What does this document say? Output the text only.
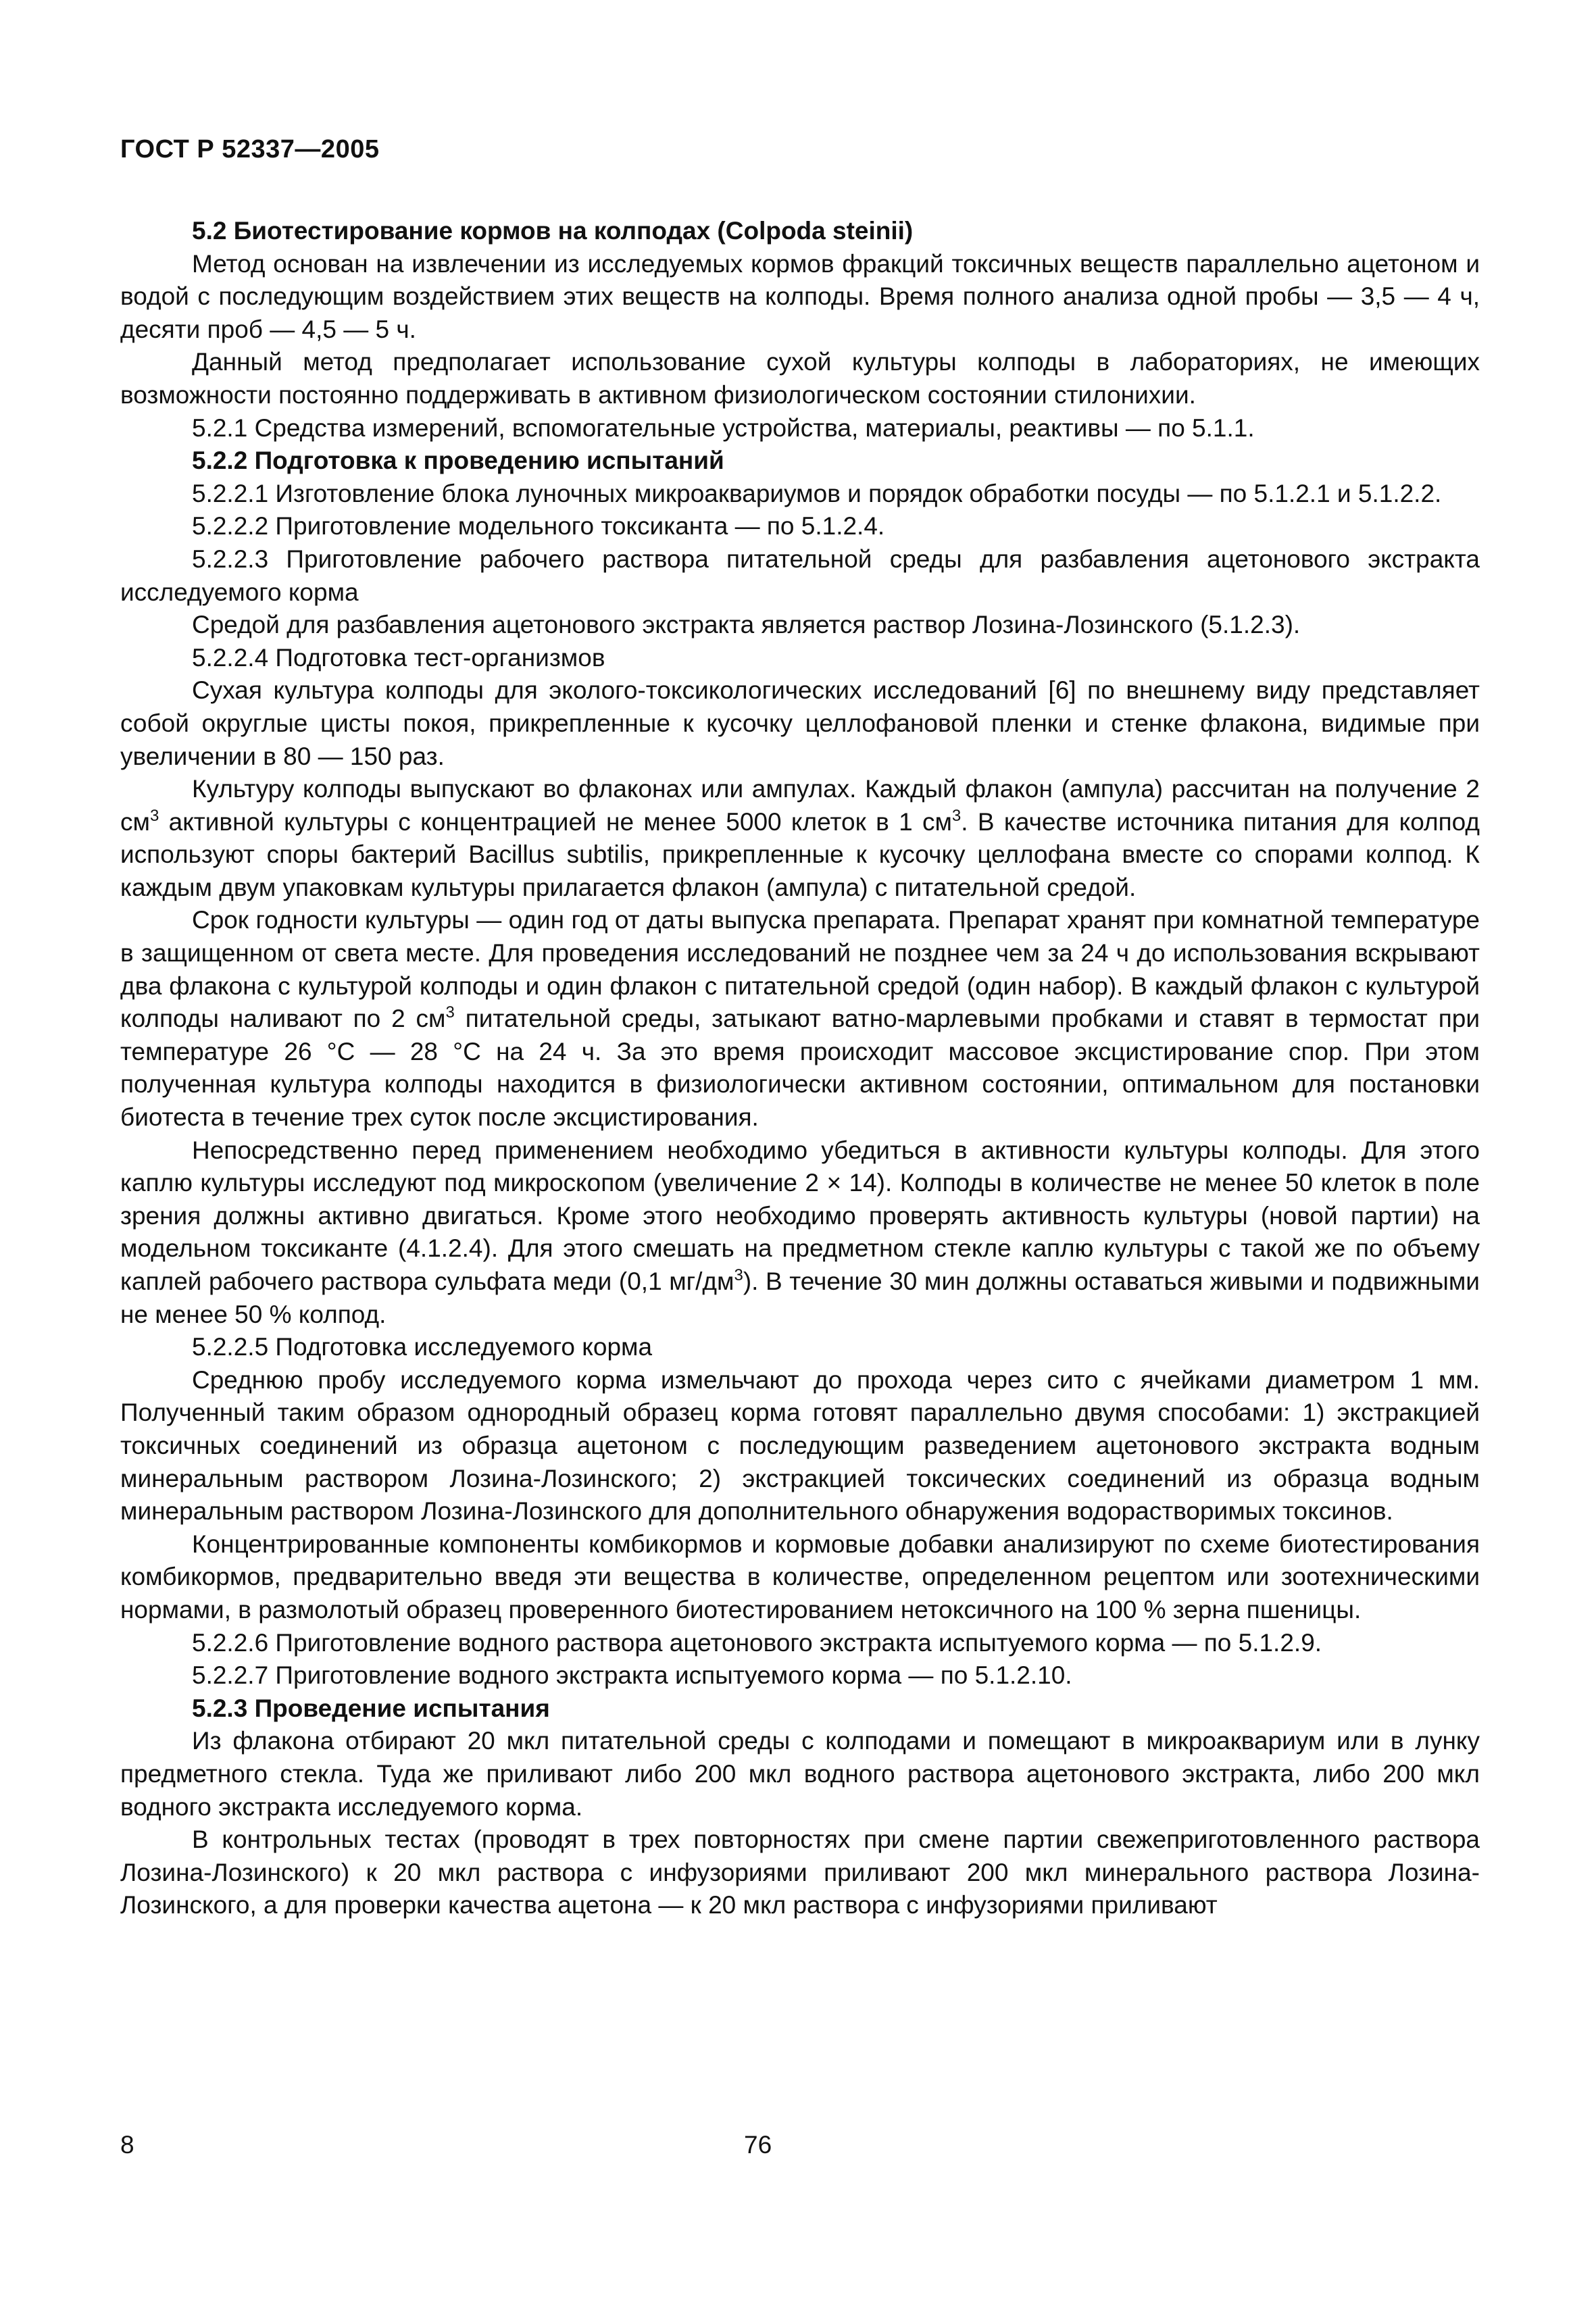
ГОСТ Р 52337—2005

5.2 Биотестирование кормов на колподах (Colpoda steinii)

Метод основан на извлечении из исследуемых кормов фракций токсичных веществ параллельно ацетоном и водой с последующим воздействием этих веществ на колподы. Время полного анализа одной пробы — 3,5 — 4 ч, десяти проб — 4,5 — 5 ч.

Данный метод предполагает использование сухой культуры колподы в лабораториях, не имеющих возможности постоянно поддерживать в активном физиологическом состоянии стилонихии.

5.2.1 Средства измерений, вспомогательные устройства, материалы, реактивы — по 5.1.1.

5.2.2 Подготовка к проведению испытаний

5.2.2.1 Изготовление блока луночных микроаквариумов и порядок обработки посуды — по 5.1.2.1 и 5.1.2.2.

5.2.2.2 Приготовление модельного токсиканта — по 5.1.2.4.

5.2.2.3 Приготовление рабочего раствора питательной среды для разбавления ацетонового экстракта исследуемого корма

Средой для разбавления ацетонового экстракта является раствор Лозина-Лозинского (5.1.2.3).

5.2.2.4 Подготовка тест-организмов

Сухая культура колподы для эколого-токсикологических исследований [6] по внешнему виду представляет собой округлые цисты покоя, прикрепленные к кусочку целлофановой пленки и стенке флакона, видимые при увеличении в 80 — 150 раз.

Культуру колподы выпускают во флаконах или ампулах. Каждый флакон (ампула) рассчитан на получение 2 $см^3$ активной культуры с концентрацией не менее 5000 клеток в 1 $см^3$. В качестве источника питания для колпод используют споры бактерий Bacillus subtilis, прикрепленные к кусочку целлофана вместе со спорами колпод. К каждым двум упаковкам культуры прилагается флакон (ампула) с питательной средой.

Срок годности культуры — один год от даты выпуска препарата. Препарат хранят при комнатной температуре в защищенном от света месте. Для проведения исследований не позднее чем за 24 ч до использования вскрывают два флакона с культурой колподы и один флакон с питательной средой (один набор). В каждый флакон с культурой колподы наливают по 2 $см^3$ питательной среды, затыкают ватно-марлевыми пробками и ставят в термостат при температуре 26 °С — 28 °С на 24 ч. За это время происходит массовое эксцистирование спор. При этом полученная культура колподы находится в физиологически активном состоянии, оптимальном для постановки биотеста в течение трех суток после эксцистирования.

Непосредственно перед применением необходимо убедиться в активности культуры колподы. Для этого каплю культуры исследуют под микроскопом (увеличение 2 × 14). Колподы в количестве не менее 50 клеток в поле зрения должны активно двигаться. Кроме этого необходимо проверять активность культуры (новой партии) на модельном токсиканте (4.1.2.4). Для этого смешать на предметном стекле каплю культуры с такой же по объему каплей рабочего раствора сульфата меди (0,1 $мг/дм^3$). В течение 30 мин должны оставаться живыми и подвижными не менее 50 % колпод.

5.2.2.5 Подготовка исследуемого корма

Среднюю пробу исследуемого корма измельчают до прохода через сито с ячейками диаметром 1 мм. Полученный таким образом однородный образец корма готовят параллельно двумя способами: 1) экстракцией токсичных соединений из образца ацетоном с последующим разведением ацетонового экстракта водным минеральным раствором Лозина-Лозинского; 2) экстракцией токсических соединений из образца водным минеральным раствором Лозина-Лозинского для дополнительного обнаружения водорастворимых токсинов.

Концентрированные компоненты комбикормов и кормовые добавки анализируют по схеме биотестирования комбикормов, предварительно введя эти вещества в количестве, определенном рецептом или зоотехническими нормами, в размолотый образец проверенного биотестированием нетоксичного на 100 % зерна пшеницы.

5.2.2.6 Приготовление водного раствора ацетонового экстракта испытуемого корма — по 5.1.2.9.

5.2.2.7 Приготовление водного экстракта испытуемого корма — по 5.1.2.10.

5.2.3 Проведение испытания

Из флакона отбирают 20 мкл питательной среды с колподами и помещают в микроаквариум или в лунку предметного стекла. Туда же приливают либо 200 мкл водного раствора ацетонового экстракта, либо 200 мкл водного экстракта исследуемого корма.

В контрольных тестах (проводят в трех повторностях при смене партии свежеприготовленного раствора Лозина-Лозинского) к 20 мкл раствора с инфузориями приливают 200 мкл минерального раствора Лозина-Лозинского, а для проверки качества ацетона — к 20 мкл раствора с инфузориями приливают

8	76
